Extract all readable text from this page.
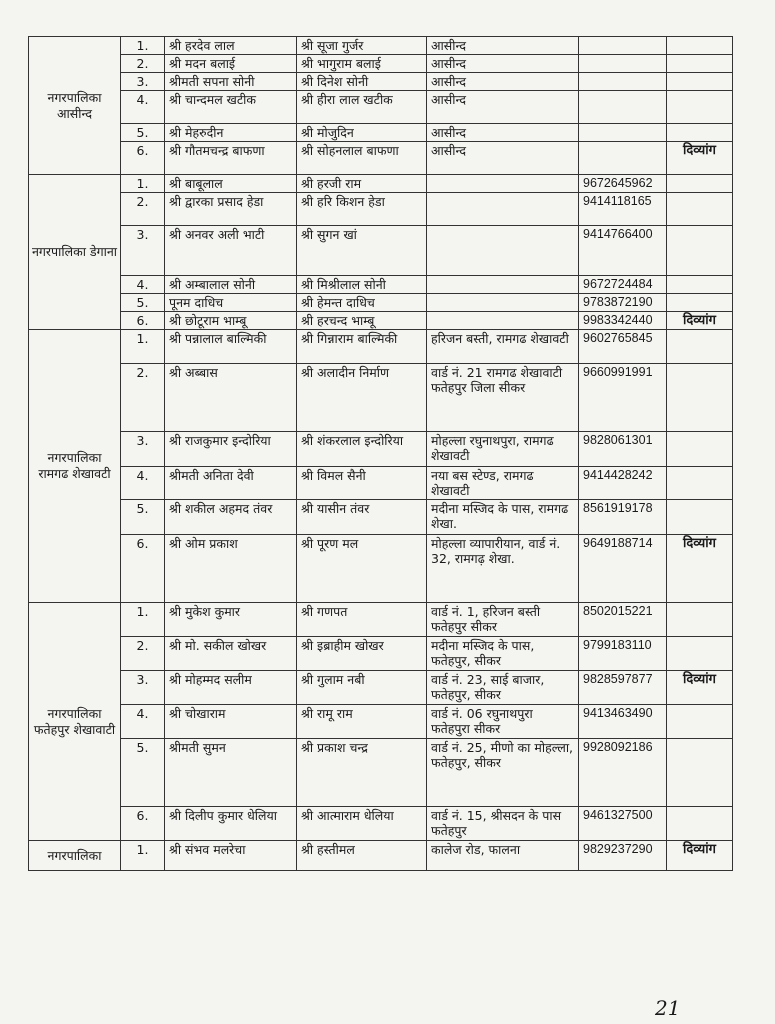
नगरपालिका आसीन्द	1.	श्री हरदेव लाल	श्री सूजा गुर्जर	आसीन्द		
	2.	श्री मदन बलाई	श्री भागुराम बलाई	आसीन्द		
	3.	श्रीमती सपना सोनी	श्री दिनेश सोनी	आसीन्द		
	4.	श्री चान्दमल खटीक	श्री हीरा लाल खटीक	आसीन्द		
	5.	श्री मेहरुदीन	श्री मोजुदिन	आसीन्द		
	6.	श्री गौतमचन्द्र बाफणा	श्री सोहनलाल बाफणा	आसीन्द		दिव्यांग
नगरपालिका डेगाना	1.	श्री बाबूलाल	श्री हरजी राम		9672645962	
	2.	श्री द्वारका प्रसाद हेडा	श्री हरि किशन हेडा		9414118165	
	3.	श्री अनवर अली भाटी	श्री सुगन खां		9414766400	
	4.	श्री अम्बालाल सोनी	श्री मिश्रीलाल सोनी		9672724484	
	5.	पूनम दाधिच	श्री हेमन्त दाधिच		9783872190	
	6.	श्री छोटूराम भाम्बू	श्री हरचन्द भाम्बू		9983342440	दिव्यांग
नगरपालिका रामगढ शेखावटी	1.	श्री पन्नालाल बाल्मिकी	श्री गिन्नाराम बाल्मिकी	हरिजन बस्ती, रामगढ शेखावटी	9602765845	
	2.	श्री अब्बास	श्री अलादीन निर्माण	वार्ड नं. 21 रामगढ शेखावाटी फतेहपुर जिला सीकर	9660991991	
	3.	श्री राजकुमार इन्दोरिया	श्री शंकरलाल इन्दोरिया	मोहल्ला रघुनाथपुरा, रामगढ शेखावटी	9828061301	
	4.	श्रीमती अनिता देवी	श्री विमल सैनी	नया बस स्टेण्ड, रामगढ शेखावटी	9414428242	
	5.	श्री शकील अहमद तंवर	श्री यासीन तंवर	मदीना मस्जिद के पास, रामगढ शेखा.	8561919178	
	6.	श्री ओम प्रकाश	श्री पूरण मल	मोहल्ला व्यापारीयान, वार्ड नं. 32, रामगढ़ शेखा.	9649188714	दिव्यांग
नगरपालिका फतेहपुर शेखावाटी	1.	श्री मुकेश कुमार	श्री गणपत	वार्ड नं. 1, हरिजन बस्ती फतेहपुर सीकर	8502015221	
	2.	श्री मो. सकील खोखर	श्री इब्राहीम खोखर	मदीना मस्जिद के पास, फतेहपुर, सीकर	9799183110	
	3.	श्री मोहम्मद सलीम	श्री गुलाम नबी	वार्ड नं. 23, साई बाजार, फतेहपुर, सीकर	9828597877	दिव्यांग
	4.	श्री चोखाराम	श्री रामू राम	वार्ड नं. 06 रघुनाथपुरा फतेहपुरा सीकर	9413463490	
	5.	श्रीमती सुमन	श्री प्रकाश चन्द्र	वार्ड नं. 25, मीणो का मोहल्ला, फतेहपुर, सीकर	9928092186	
	6.	श्री दिलीप कुमार धेलिया	श्री आत्माराम धेलिया	वार्ड नं. 15, श्रीसदन के पास फतेहपुर	9461327500	
नगरपालिका	1.	श्री संभव मलरेचा	श्री हस्तीमल	कालेज रोड, फालना	9829237290	दिव्यांग
21
